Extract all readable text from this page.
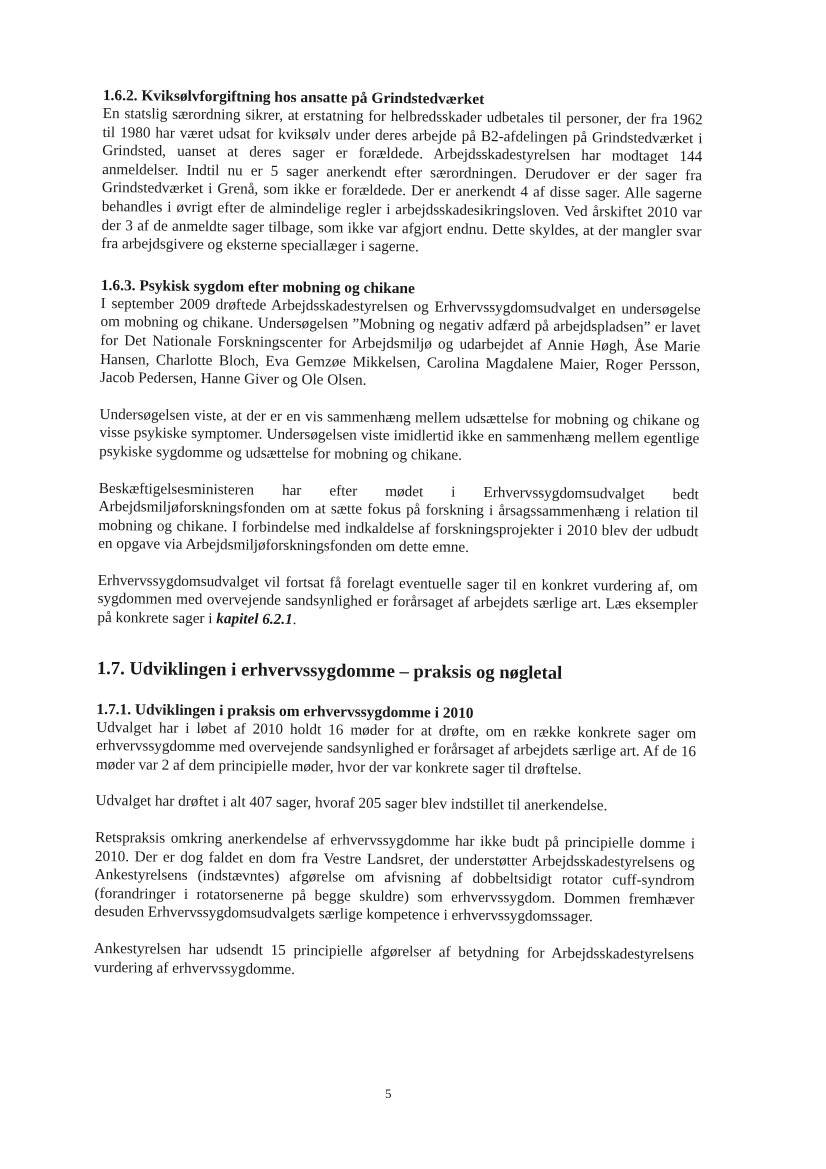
1.6.2. Kviksølvforgiftning hos ansatte på Grindstedværket

En statslig særordning sikrer, at erstatning for helbredsskader udbetales til personer, der fra 1962 til 1980 har været udsat for kviksølv under deres arbejde på B2-afdelingen på Grindstedværket i Grindsted, uanset at deres sager er forældede. Arbejdsskadestyrelsen har modtaget 144 anmeldelser. Indtil nu er 5 sager anerkendt efter særordningen. Derudover er der sager fra Grindstedværket i Grenå, som ikke er forældede. Der er anerkendt 4 af disse sager. Alle sagerne behandles i øvrigt efter de almindelige regler i arbejdsskadesikringsloven. Ved årskiftet 2010 var der 3 af de anmeldte sager tilbage, som ikke var afgjort endnu. Dette skyldes, at der mangler svar fra arbejdsgivere og eksterne speciallæger i sagerne.

1.6.3. Psykisk sygdom efter mobning og chikane

I september 2009 drøftede Arbejdsskadestyrelsen og Erhvervssygdomsudvalget en undersøgelse om mobning og chikane. Undersøgelsen ”Mobning og negativ adfærd på arbejdspladsen” er lavet for Det Nationale Forskningscenter for Arbejdsmiljø og udarbejdet af Annie Høgh, Åse Marie Hansen, Charlotte Bloch, Eva Gemzøe Mikkelsen, Carolina Magdalene Maier, Roger Persson, Jacob Pedersen, Hanne Giver og Ole Olsen.

Undersøgelsen viste, at der er en vis sammenhæng mellem udsættelse for mobning og chikane og visse psykiske symptomer. Undersøgelsen viste imidlertid ikke en sammenhæng mellem egentlige psykiske sygdomme og udsættelse for mobning og chikane.

Beskæftigelsesministeren har efter mødet i Erhvervssygdomsudvalget bedt Arbejdsmiljøforskningsfonden om at sætte fokus på forskning i årsagssammenhæng i relation til mobning og chikane. I forbindelse med indkaldelse af forskningsprojekter i 2010 blev der udbudt en opgave via Arbejdsmiljøforskningsfonden om dette emne.

Erhvervssygdomsudvalget vil fortsat få forelagt eventuelle sager til en konkret vurdering af, om sygdommen med overvejende sandsynlighed er forårsaget af arbejdets særlige art. Læs eksempler på konkrete sager i kapitel 6.2.1.

1.7. Udviklingen i erhvervssygdomme – praksis og nøgletal
1.7.1. Udviklingen i praksis om erhvervssygdomme i 2010

Udvalget har i løbet af 2010 holdt 16 møder for at drøfte, om en række konkrete sager om erhvervssygdomme med overvejende sandsynlighed er forårsaget af arbejdets særlige art. Af de 16 møder var 2 af dem principielle møder, hvor der var konkrete sager til drøftelse.

Udvalget har drøftet i alt 407 sager, hvoraf 205 sager blev indstillet til anerkendelse.

Retspraksis omkring anerkendelse af erhvervssygdomme har ikke budt på principielle domme i 2010. Der er dog faldet en dom fra Vestre Landsret, der understøtter Arbejdsskadestyrelsens og Ankestyrelsens (indstævntes) afgørelse om afvisning af dobbeltsidigt rotator cuff-syndrom (forandringer i rotatorsenerne på begge skuldre) som erhvervssygdom. Dommen fremhæver desuden Erhvervssygdomsudvalgets særlige kompetence i erhvervssygdomssager.

Ankestyrelsen har udsendt 15 principielle afgørelser af betydning for Arbejdsskadestyrelsens vurdering af erhvervssygdomme.

5
